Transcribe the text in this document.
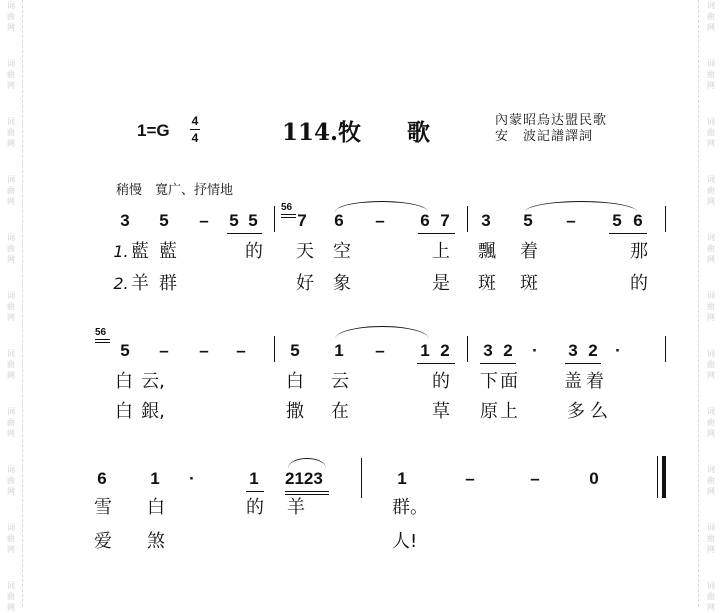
词
曲
网
词
曲
网
词
曲
网
词
曲
网
词
曲
网
词
曲
网
词
曲
网
词
曲
网
词
曲
网
词
曲
网
词
曲
网
词
曲
网
词
曲
网
词
曲
网
词
曲
网
词
曲
网
词
曲
网
词
曲
网
词
曲
网
词
曲
网
词
曲
网
词
曲
网
1=G 4
4	114.牧　　歌	內蒙昭烏达盟民歌
安　波記譜譯詞
稍慢　寬广、抒情地
3 5 – 5 5
56
7 6 – 6 7 3 5 – 5 6
1. 藍 藍	的 天 空	上 飄 着	那
2. 羊 群	好 象	是 斑 斑	的
56
5 – – –	5 1 – 1 2 3 2	·	3 2	·
白 云,	白 云	的 下 面	盖 着
白 銀,	撒 在	草 原 上	多 么
6	1	·	1 2123	1	–	–	0
雪 白	的 羊	群。
爱 煞	人!
